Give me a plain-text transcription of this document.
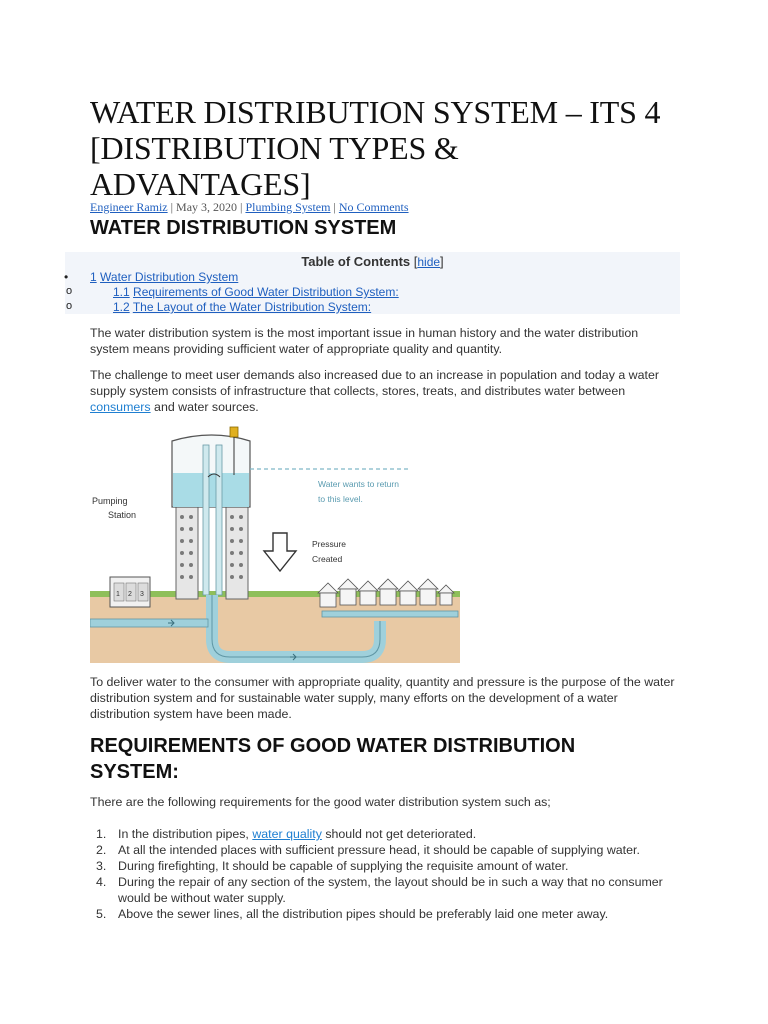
WATER DISTRIBUTION SYSTEM – ITS 4 [DISTRIBUTION TYPES & ADVANTAGES]
Engineer Ramiz | May 3, 2020 | Plumbing System | No Comments
WATER DISTRIBUTION SYSTEM
Table of Contents [hide]
• 1 Water Distribution System
o	1.1 Requirements of Good Water Distribution System:
o	1.2 The Layout of the Water Distribution System:

The water distribution system is the most important issue in human history and the water distribution system means providing sufficient water of appropriate quality and quantity.

The challenge to meet user demands also increased due to an increase in population and today a water supply system consists of infrastructure that collects, stores, treats, and distributes water between consumers and water sources.

1 2 3
Pumping
Station
Water wants to return
to this level.
Pressure
Created

To deliver water to the consumer with appropriate quality, quantity and pressure is the purpose of the water distribution system and for sustainable water supply, many efforts on the development of a water distribution system have been made.

REQUIREMENTS OF GOOD WATER DISTRIBUTION SYSTEM:

There are the following requirements for the good water distribution system such as;

1. In the distribution pipes, water quality should not get deteriorated.
2. At all the intended places with sufficient pressure head, it should be capable of supplying water.
3. During firefighting, It should be capable of supplying the requisite amount of water.
4. During the repair of any section of the system, the layout should be in such a way that no consumer would be without water supply.
5. Above the sewer lines, all the distribution pipes should be preferably laid one meter away.
